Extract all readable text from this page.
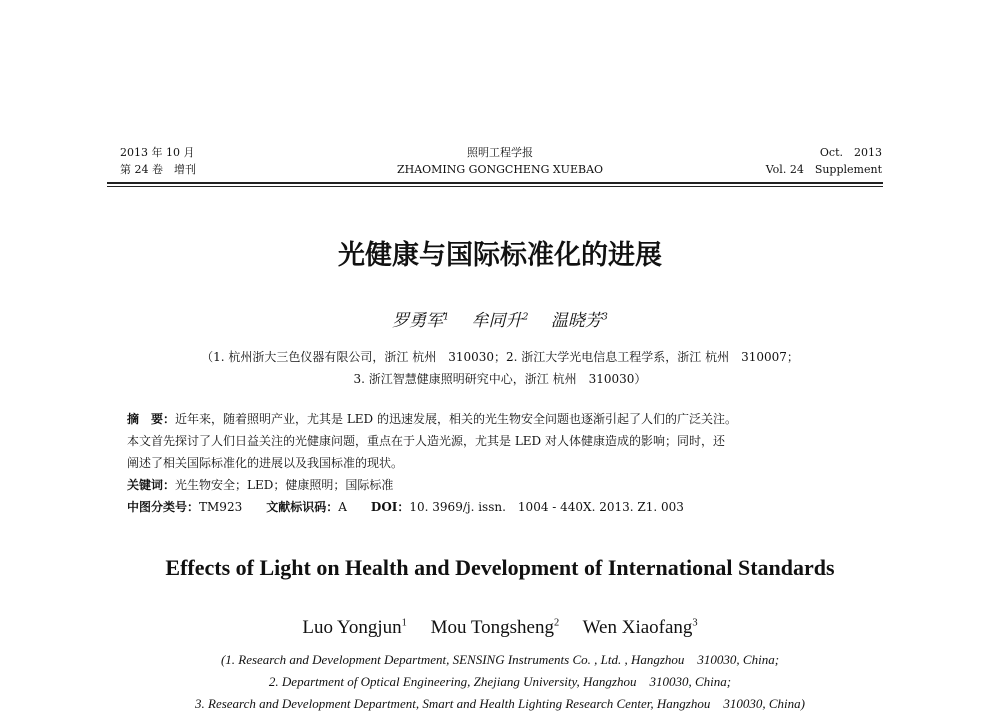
2013 年 10 月
第 24 卷　增刊
照明工程学报
ZHAOMING GONGCHENG XUEBAO
Oct.　2013
Vol. 24　Supplement
光健康与国际标准化的进展
罗勇军$^1$  牟同升$^2$  温晓芳$^3$
（1. 杭州浙大三色仪器有限公司，浙江 杭州　310030；2. 浙江大学光电信息工程学系，浙江 杭州　310007；
3. 浙江智慧健康照明研究中心，浙江 杭州　310030）
摘　要：近年来，随着照明产业，尤其是 LED 的迅速发展，相关的光生物安全问题也逐渐引起了人们的广泛关注。
本文首先探讨了人们日益关注的光健康问题，重点在于人造光源，尤其是 LED 对人体健康造成的影响；同时，还
阐述了相关国际标准化的进展以及我国标准的现状。
关键词：光生物安全；LED；健康照明；国际标准
中图分类号：TM923   文献标识码：A   DOI：10. 3969/j. issn.　1004 - 440X. 2013. Z1. 003
Effects of Light on Health and Development of International Standards
Luo Yongjun$^1$  Mou Tongsheng$^2$  Wen Xiaofang$^3$
(1. Research and Development Department, SENSING Instruments Co. , Ltd. , Hangzhou　310030, China;
2. Department of Optical Engineering, Zhejiang University, Hangzhou　310030, China;
3. Research and Development Department, Smart and Health Lighting Research Center, Hangzhou　310030, China)
